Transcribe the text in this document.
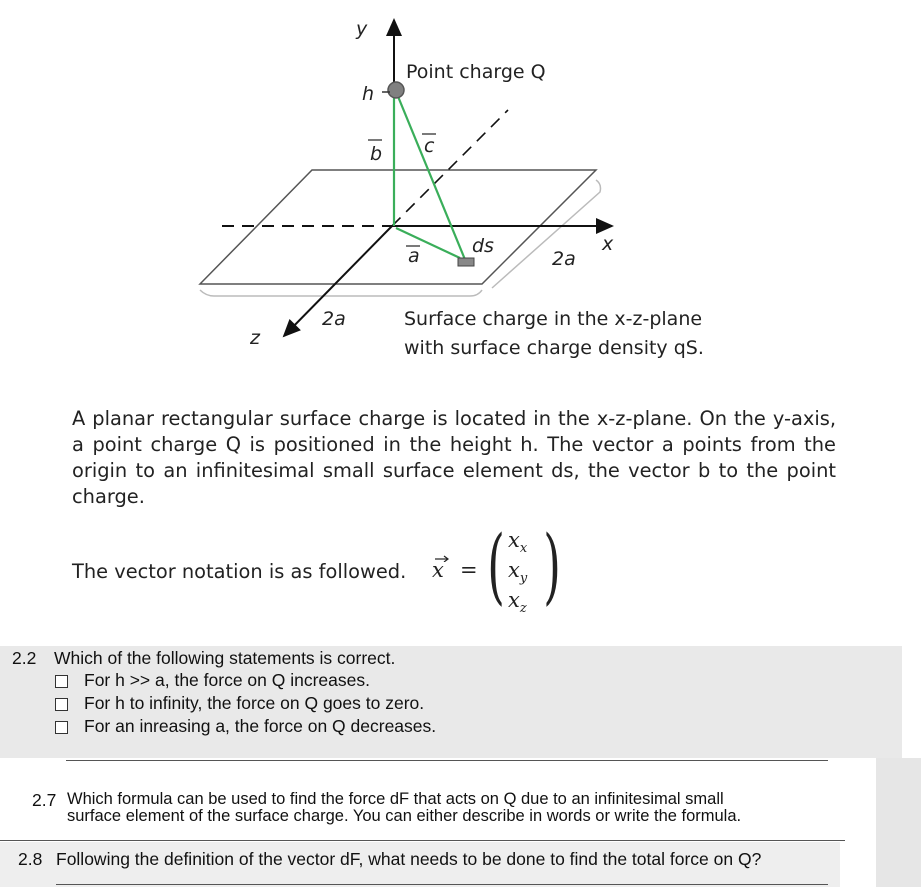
y
h
Point charge Q
b c
a	ds
2a
x
2a
z
Surface charge in the x-z-plane
with surface charge density qS.
A planar rectangular surface charge is located in the x-z-plane. On the y-axis, a point charge Q is positioned in the height h. The vector a points from the origin to an infinitesimal small surface element ds, the vector b to the point charge.
The vector notation is as followed. x = ( )
$x_x$
$x_y$
$x_z$
2.2 Which of the following statements is correct.
For h >> a, the force on Q increases.
For h to infinity, the force on Q goes to zero.
For an inreasing a, the force on Q decreases.
2.7 Which formula can be used to find the force dF that acts on Q due to an infinitesimal small
surface element of the surface charge. You can either describe in words or write the formula.
2.8 Following the definition of the vector dF, what needs to be done to find the total force on Q?
